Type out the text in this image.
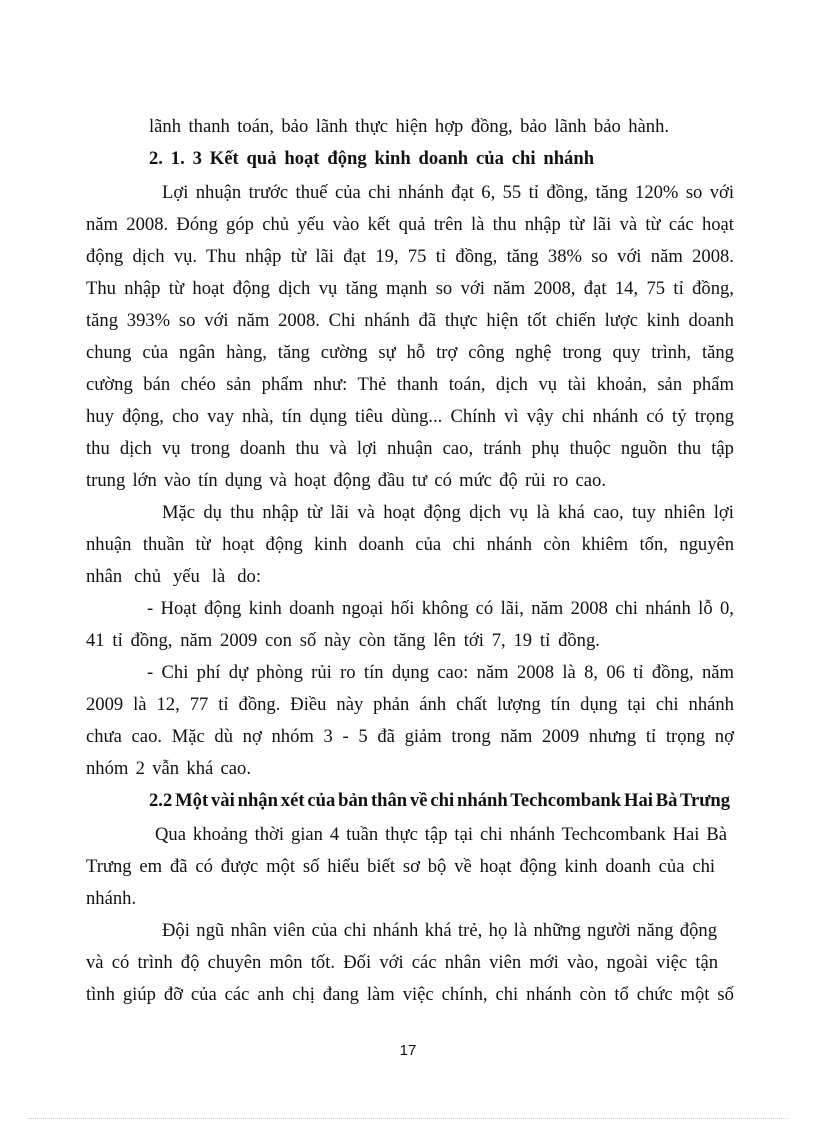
lãnh thanh toán, bảo lãnh thực hiện hợp đồng, bảo lãnh bảo hành.
2. 1. 3 Kết quả hoạt động kinh doanh của chi nhánh
Lợi nhuận trước thuế của chi nhánh đạt 6, 55 tỉ đồng, tăng 120% so với
năm 2008. Đóng góp chủ yếu vào kết quả trên là thu nhập từ lãi và từ các hoạt
động dịch vụ. Thu nhập từ lãi đạt 19, 75 tỉ đồng, tăng 38% so với năm 2008.
Thu nhập từ hoạt động dịch vụ tăng mạnh so với năm 2008, đạt 14, 75 tỉ đồng,
tăng 393% so với năm 2008. Chi nhánh đã thực hiện tốt chiến lược kinh doanh
chung của ngân hàng, tăng cường sự hỗ trợ công nghệ trong quy trình, tăng
cường bán chéo sản phẩm như: Thẻ thanh toán, dịch vụ tài khoản, sản phẩm
huy động, cho vay nhà, tín dụng tiêu dùng... Chính vì vậy chi nhánh có tỷ trọng
thu dịch vụ trong doanh thu và lợi nhuận cao, tránh phụ thuộc nguồn thu tập
trung lớn vào tín dụng và hoạt động đầu tư có mức độ rủi ro cao.
Mặc dụ thu nhập từ lãi và hoạt động dịch vụ là khá cao, tuy nhiên lợi
nhuận thuần từ hoạt động kinh doanh của chi nhánh còn khiêm tốn, nguyên
nhân chủ yếu là do:
- Hoạt động kinh doanh ngoại hối không có lãi, năm 2008 chi nhánh lỗ 0,
41 tỉ đồng, năm 2009 con số này còn tăng lên tới 7, 19 tỉ đồng.
- Chi phí dự phòng rủi ro tín dụng cao: năm 2008 là 8, 06 tỉ đồng, năm
2009 là 12, 77 tỉ đồng. Điều này phản ánh chất lượng tín dụng tại chi nhánh
chưa cao. Mặc dù nợ nhóm 3 - 5 đã giảm trong năm 2009 nhưng tỉ trọng nợ
nhóm 2 vẫn khá cao.
2.2 Một vài nhận xét của bản thân về chi nhánh Techcombank Hai Bà Trưng
Qua khoảng thời gian 4 tuần thực tập tại chi nhánh Techcombank Hai Bà
Trưng em đã có được một số hiểu biết sơ bộ về hoạt động kinh doanh của chi
nhánh.
Đội ngũ nhân viên của chi nhánh khá trẻ, họ là những người năng động
và có trình độ chuyên môn tốt. Đối với các nhân viên mới vào, ngoài việc tận
tình giúp đỡ của các anh chị đang làm việc chính, chi nhánh còn tổ chức một số
17
